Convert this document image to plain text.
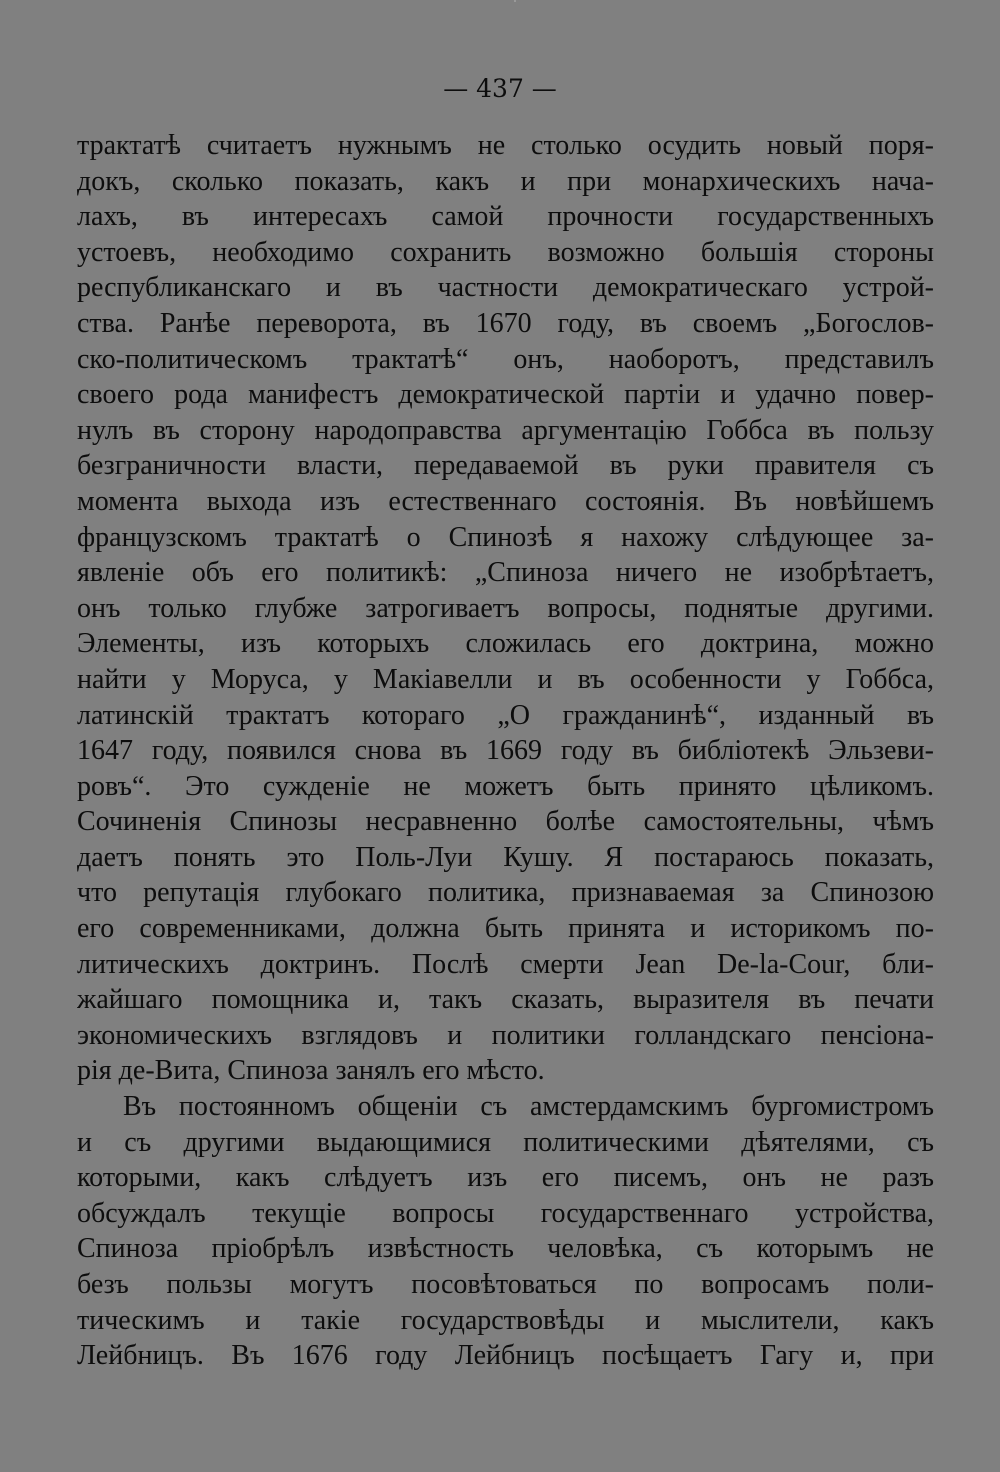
— 437 —
трактатѣ считаетъ нужнымъ не столько осудить новый поря-
докъ, сколько показать, какъ и при монархическихъ нача-
лахъ, въ интересахъ самой прочности государственныхъ
устоевъ, необходимо сохранить возможно большія стороны
республиканскаго и въ частности демократическаго устрой-
ства. Ранѣе переворота, въ 1670 году, въ своемъ „Богослов-
ско-политическомъ трактатѣ“ онъ, наоборотъ, представилъ
своего рода манифестъ демократической партіи и удачно повер-
нулъ въ сторону народоправства аргументацію Гоббса въ пользу
безграничности власти, передаваемой въ руки правителя съ
момента выхода изъ естественнаго состоянія. Въ новѣйшемъ
французскомъ трактатѣ о Спинозѣ я нахожу слѣдующее за-
явленіе объ его политикѣ: „Спиноза ничего не изобрѣтаетъ,
онъ только глубже затрогиваетъ вопросы, поднятые другими.
Элементы, изъ которыхъ сложилась его доктрина, можно
найти у Моруса, у Макіавелли и въ особенности у Гоббса,
латинскій трактатъ котораго „О гражданинѣ“, изданный въ
1647 году, появился снова въ 1669 году въ библіотекѣ Эльзеви-
ровъ“. Это сужденіе не можетъ быть принято цѣликомъ.
Сочиненія Спинозы несравненно болѣе самостоятельны, чѣмъ
даетъ понять это Поль-Луи Кушу. Я постараюсь показать,
что репутація глубокаго политика, признаваемая за Спинозою
его современниками, должна быть принята и историкомъ по-
литическихъ доктринъ. Послѣ смерти Jean De-la-Cour, бли-
жайшаго помощника и, такъ сказать, выразителя въ печати
экономическихъ взглядовъ и политики голландскаго пенсіона-
рія де-Вита, Спиноза занялъ его мѣсто.
Въ постоянномъ общеніи съ амстердамскимъ бургомистромъ
и съ другими выдающимися политическими дѣятелями, съ
которыми, какъ слѣдуетъ изъ его писемъ, онъ не разъ
обсуждалъ текущіе вопросы государственнаго устройства,
Спиноза пріобрѣлъ извѣстность человѣка, съ которымъ не
безъ пользы могутъ посовѣтоваться по вопросамъ поли-
тическимъ и такіе государствовѣды и мыслители, какъ
Лейбницъ. Въ 1676 году Лейбницъ посѣщаетъ Гагу и, при
